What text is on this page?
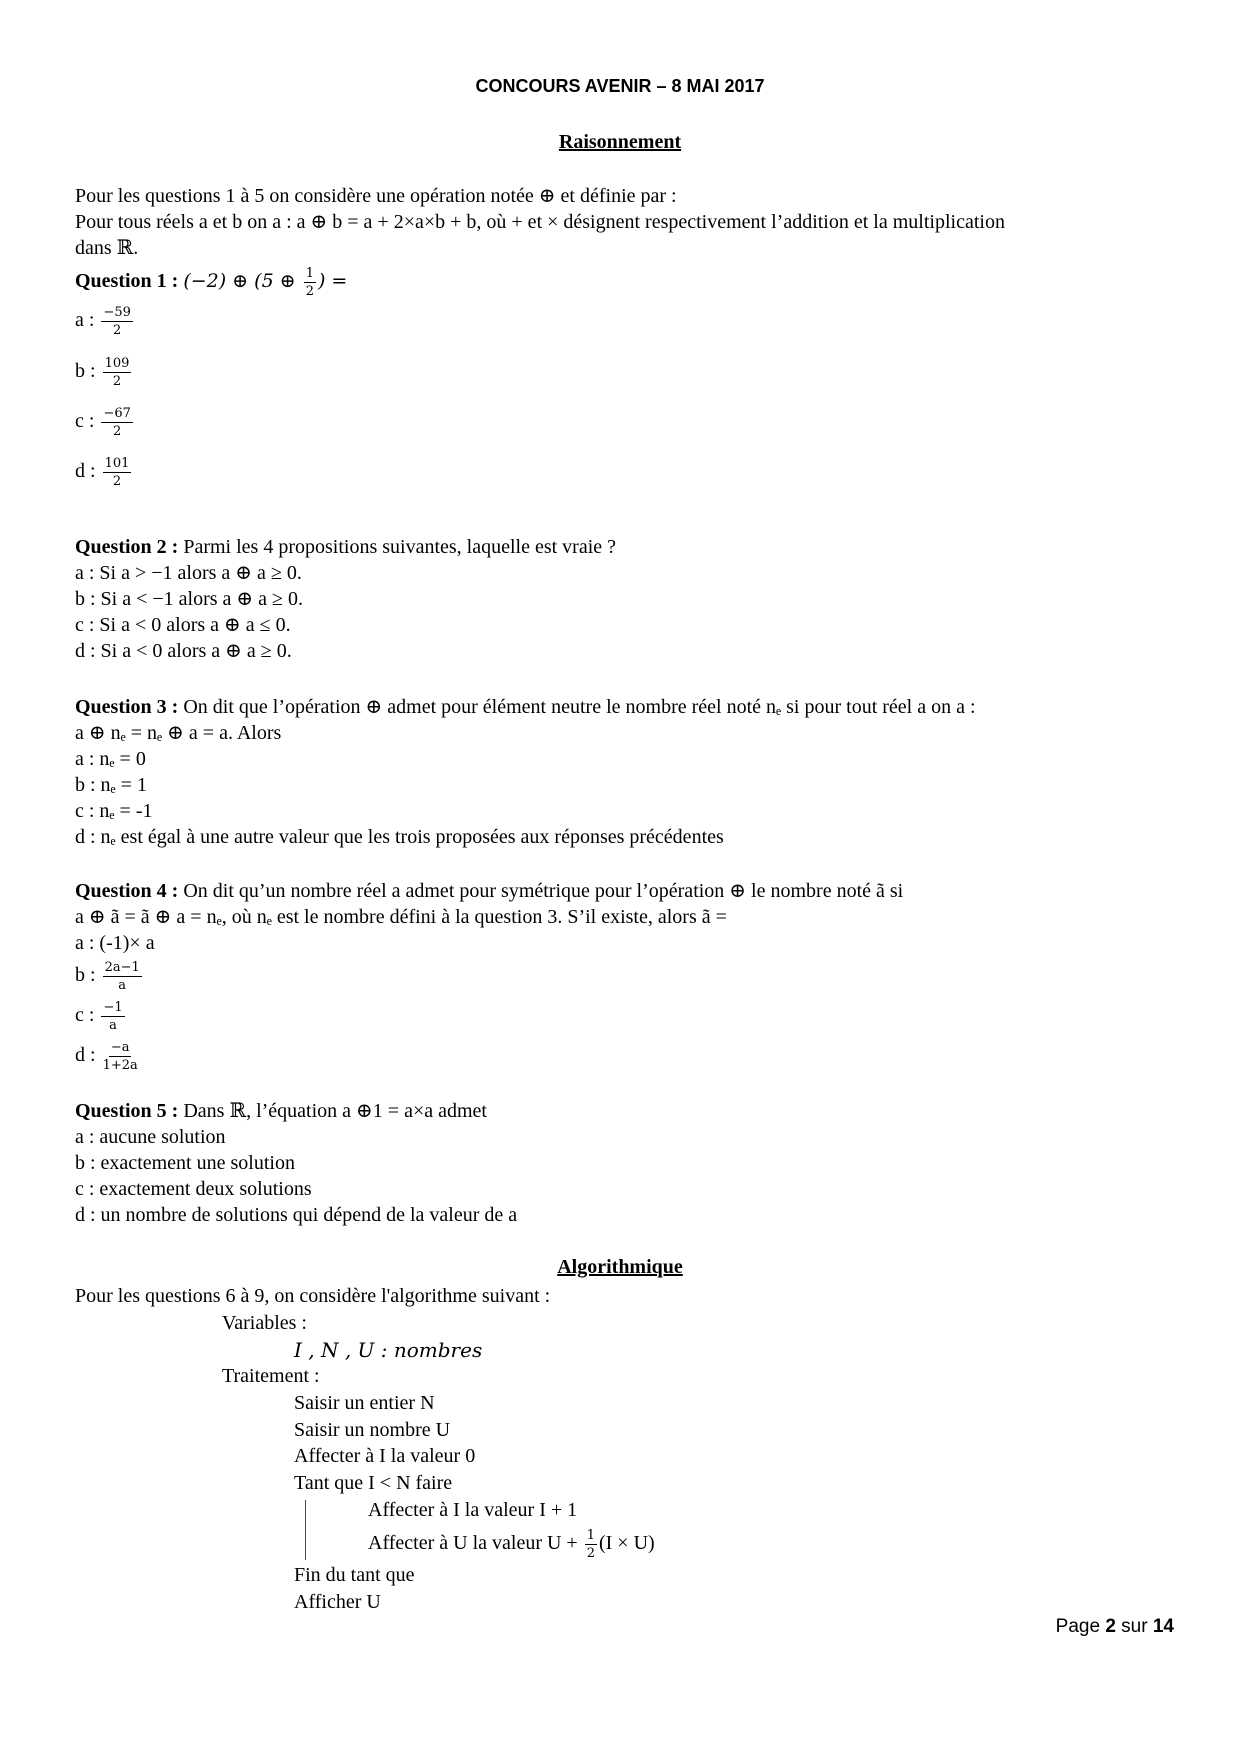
CONCOURS AVENIR – 8 MAI 2017
Raisonnement
Pour les questions 1 à 5 on considère une opération notée ⊕ et définie par :
Pour tous réels a et b on a : a ⊕ b = a + 2×a×b + b, où + et × désignent respectivement l’addition et la multiplication
dans ℝ.
Question 1 : (−2) ⊕ (5 ⊕ $\frac{1}{2}$ ) =
a : $\frac{-59}{2}$
b : $\frac{109}{2}$
c : $\frac{-67}{2}$
d : $\frac{101}{2}$
Question 2 : Parmi les 4 propositions suivantes, laquelle est vraie ?
a : Si a > −1 alors a ⊕ a ≥ 0.
b : Si a < −1 alors a ⊕ a ≥ 0.
c : Si a < 0 alors a ⊕ a ≤ 0.
d : Si a < 0 alors a ⊕ a ≥ 0.
Question 3 : On dit que l’opération ⊕ admet pour élément neutre le nombre réel noté nₑ si pour tout réel a on a :
a ⊕ nₑ = nₑ ⊕ a = a. Alors
a : nₑ = 0
b : nₑ = 1
c : nₑ = -1
d : nₑ est égal à une autre valeur que les trois proposées aux réponses précédentes
Question 4 : On dit qu’un nombre réel a admet pour symétrique pour l’opération ⊕ le nombre noté ã si
a ⊕ ã = ã ⊕ a = nₑ, où nₑ est le nombre défini à la question 3. S’il existe, alors ã =
a : (-1)× a
b : $\frac{2a-1}{a}$
c : $\frac{-1}{a}$
d : $\frac{-a}{1+2a}$
Question 5 : Dans ℝ, l’équation a ⊕1 = a×a admet
a : aucune solution
b : exactement une solution
c : exactement deux solutions
d : un nombre de solutions qui dépend de la valeur de a
Algorithmique
Pour les questions 6 à 9, on considère l'algorithme suivant :
Variables :
I , N , U : nombres
Traitement :
Saisir un entier N
Saisir un nombre U
Affecter à I la valeur 0
Tant que I < N faire
Affecter à I la valeur I + 1
Affecter à U la valeur $U + \frac{1}{2} (I \times U)$
Fin du tant que
Afficher U
Page 2 sur 14
